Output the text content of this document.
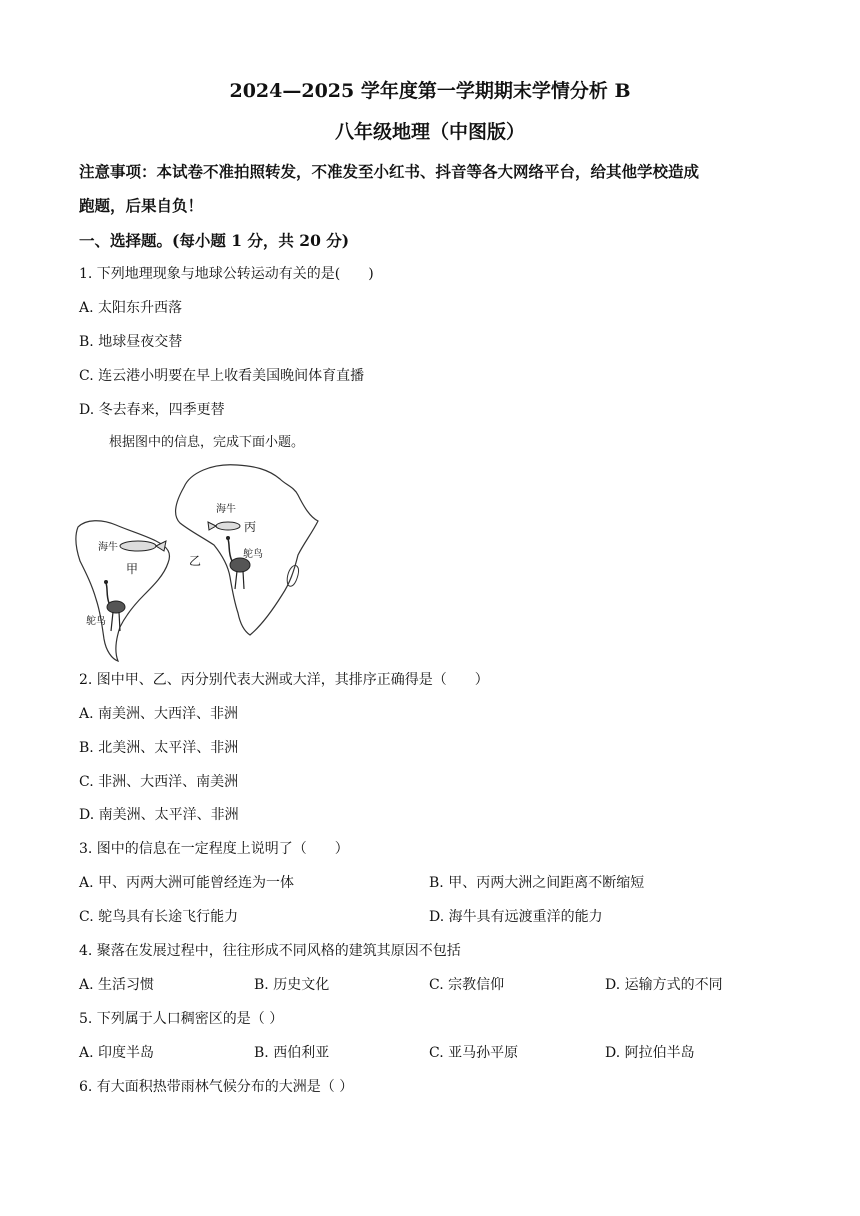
2024—2025 学年度第一学期期末学情分析 B
八年级地理（中图版）
注意事项：本试卷不准拍照转发，不准发至小红书、抖音等各大网络平台，给其他学校造成
跑题，后果自负！
一、选择题。(每小题 1 分，共 20 分)
1. 下列地理现象与地球公转运动有关的是(　　)
A. 太阳东升西落
B. 地球昼夜交替
C. 连云港小明要在早上收看美国晚间体育直播
D. 冬去春来，四季更替
根据图中的信息，完成下面小题。
海牛
海牛
鸵鸟
鸵鸟
甲
乙
丙
2. 图中甲、乙、丙分别代表大洲或大洋，其排序正确得是（　　）
A. 南美洲、大西洋、非洲
B. 北美洲、太平洋、非洲
C. 非洲、大西洋、南美洲
D. 南美洲、太平洋、非洲
3. 图中的信息在一定程度上说明了（　　）
A. 甲、丙两大洲可能曾经连为一体	B. 甲、丙两大洲之间距离不断缩短
C. 鸵鸟具有长途飞行能力	D. 海牛具有远渡重洋的能力
4. 聚落在发展过程中，往往形成不同风格的建筑其原因不包括
A. 生活习惯	B. 历史文化	C. 宗教信仰	D. 运输方式的不同
5. 下列属于人口稠密区的是（ ）
A. 印度半岛	B. 西伯利亚	C. 亚马孙平原	D. 阿拉伯半岛
6. 有大面积热带雨林气候分布的大洲是（ ）
